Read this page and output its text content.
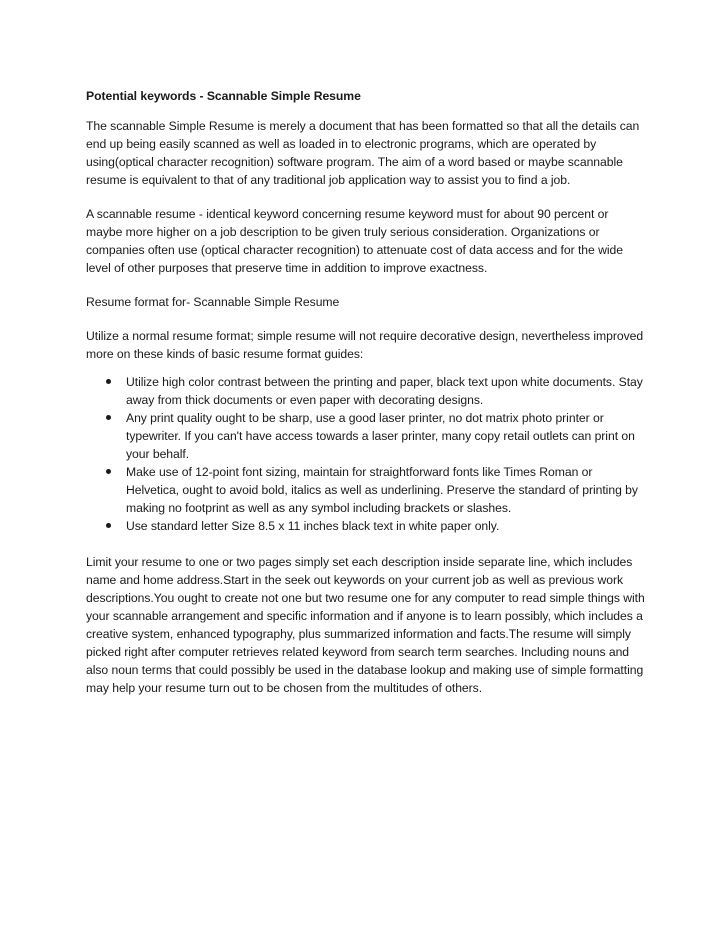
Potential keywords - Scannable Simple Resume

The scannable Simple Resume is merely a document that has been formatted so that all the details can end up being easily scanned as well as loaded in to electronic programs, which are operated by using(optical character recognition) software program. The aim of a word based or maybe scannable resume is equivalent to that of any traditional job application way to assist you to find a job.

A scannable resume - identical keyword concerning resume keyword must for about 90 percent or maybe more higher on a job description to be given truly serious consideration. Organizations or companies often use (optical character recognition) to attenuate cost of data access and for the wide level of other purposes that preserve time in addition to improve exactness.

Resume format for- Scannable Simple Resume

Utilize a normal resume format; simple resume will not require decorative design, nevertheless improved more on these kinds of basic resume format guides:

Utilize high color contrast between the printing and paper, black text upon white documents. Stay away from thick documents or even paper with decorating designs.
Any print quality ought to be sharp, use a good laser printer, no dot matrix photo printer or typewriter. If you can't have access towards a laser printer, many copy retail outlets can print on your behalf.
Make use of 12-point font sizing, maintain for straightforward fonts like Times Roman or Helvetica, ought to avoid bold, italics as well as underlining. Preserve the standard of printing by making no footprint as well as any symbol including brackets or slashes.
Use standard letter Size 8.5 x 11 inches black text in white paper only.

Limit your resume to one or two pages simply set each description inside separate line, which includes name and home address.Start in the seek out keywords on your current job as well as previous work descriptions.You ought to create not one but two resume one for any computer to read simple things with your scannable arrangement and specific information and if anyone is to learn possibly, which includes a creative system, enhanced typography, plus summarized information and facts.The resume will simply picked right after computer retrieves related keyword from search term searches. Including nouns and also noun terms that could possibly be used in the database lookup and making use of simple formatting may help your resume turn out to be chosen from the multitudes of others.
